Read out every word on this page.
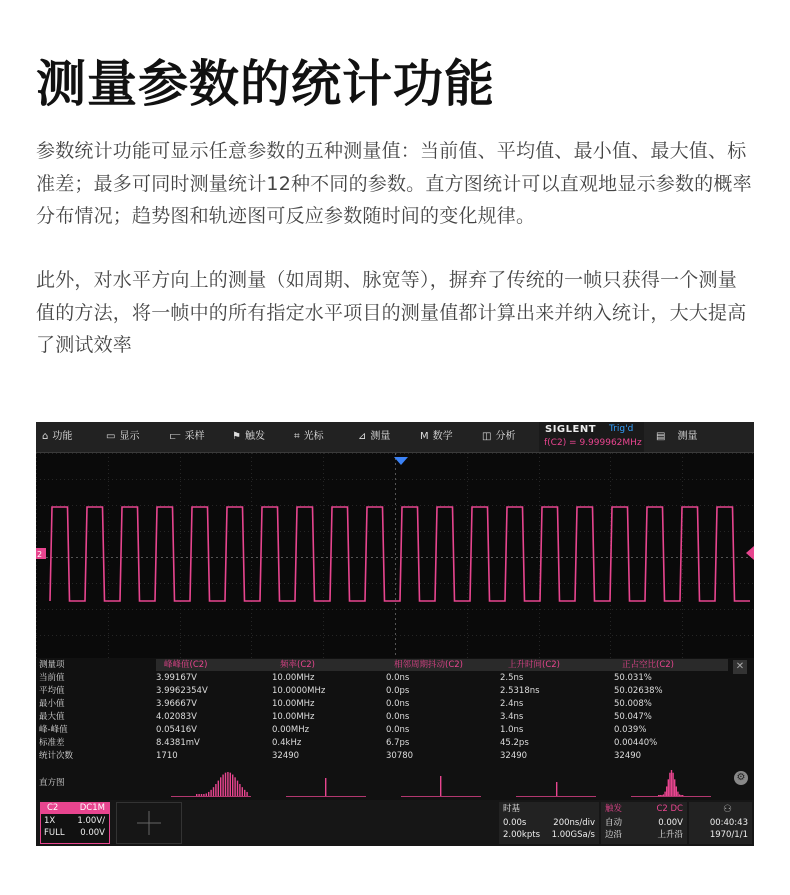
测量参数的统计功能

参数统计功能可显示任意参数的五种测量值：当前值、平均值、最小值、最大值、标准差；最多可同时测量统计12种不同的参数。直方图统计可以直观地显示参数的概率分布情况；趋势图和轨迹图可反应参数随时间的变化规律。

此外，对水平方向上的测量（如周期、脉宽等），摒弃了传统的一帧只获得一个测量值的方法，将一帧中的所有指定水平项目的测量值都计算出来并纳入统计，大大提高了测试效率

⌂ 功能	▭ 显示	⫍ 采样	⚑ 触发	⌗ 光标	⊿ 测量	M 数学	◫ 分析
SIGLENT Trig'd
f(C2) = 9.999962MHz
▤ 测量
2
✕
直方图	⚙
测量项	峰峰值(C2)	频率(C2)	相邻周期抖动(C2)	上升时间(C2)	正占空比(C2)
当前值	3.99167V	10.00MHz	0.0ns	2.5ns	50.031%
平均值	3.9962354V	10.0000MHz	0.0ps	2.5318ns	50.02638%
最小值	3.96667V	10.00MHz	0.0ns	2.4ns	50.008%
最大值	4.02083V	10.00MHz	0.0ns	3.4ns	50.047%
峰-峰值	0.05416V	0.00MHz	0.0ns	1.0ns	0.039%
标准差	8.4381mV	0.4kHz	6.7ps	45.2ps	0.00440%
统计次数	1710	32490	30780	32490	32490
C2	DC1M
1X	1.00V/
FULL 0.00V
时基
0.00s	200ns/div
2.00kpts 1.00GSa/s
触发	C2 DC
自动	0.00V
边沿	上升沿
⚇
00:40:43
1970/1/1
